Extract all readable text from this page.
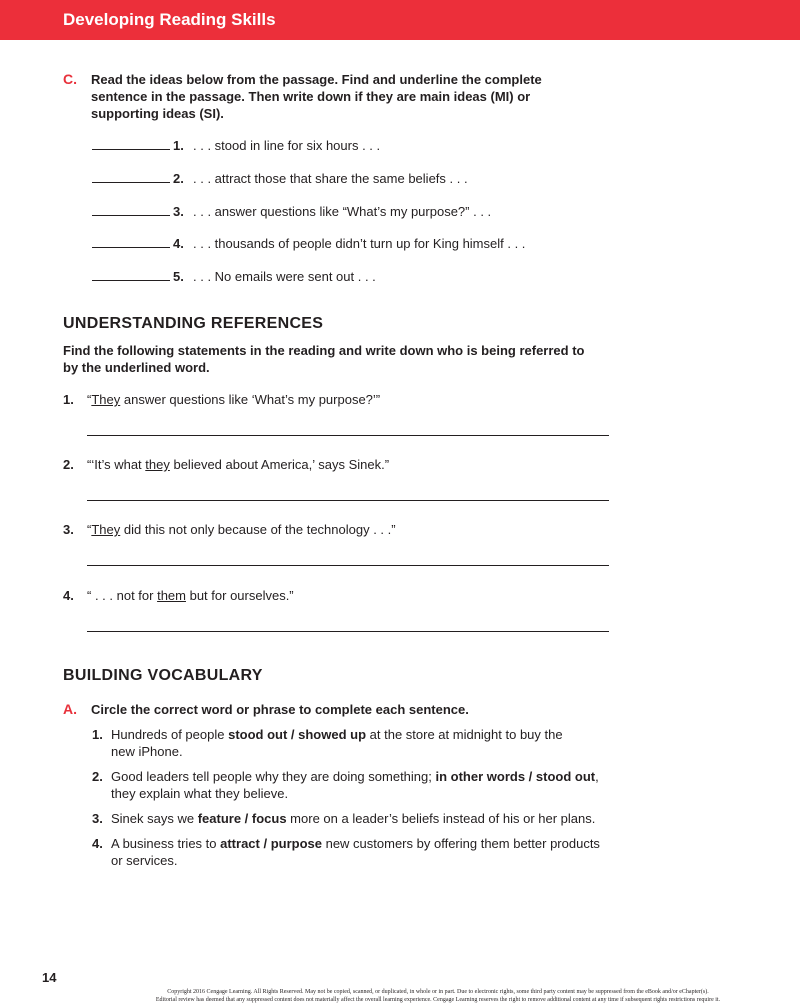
Developing Reading Skills
C. Read the ideas below from the passage. Find and underline the complete
sentence in the passage. Then write down if they are main ideas (MI) or
supporting ideas (SI).
1. . . . stood in line for six hours . . .
2. . . . attract those that share the same beliefs . . .
3. . . . answer questions like “What’s my purpose?” . . .
4. . . . thousands of people didn’t turn up for King himself . . .
5. . . . No emails were sent out . . .
UNDERSTANDING REFERENCES
Find the following statements in the reading and write down who is being referred to
by the underlined word.
1. “They answer questions like ‘What’s my purpose?’”
2. “‘It’s what they believed about America,’ says Sinek.”
3. “They did this not only because of the technology . . .”
4. “ . . . not for them but for ourselves.”
BUILDING VOCABULARY
A. Circle the correct word or phrase to complete each sentence.
1. Hundreds of people stood out / showed up at the store at midnight to buy the
new iPhone.
2. Good leaders tell people why they are doing something; in other words / stood out,
they explain what they believe.
3. Sinek says we feature / focus more on a leader’s beliefs instead of his or her plans.
4. A business tries to attract / purpose new customers by offering them better products
or services.
14
Copyright 2016 Cengage Learning. All Rights Reserved. May not be copied, scanned, or duplicated, in whole or in part. Due to electronic rights, some third party content may be suppressed from the eBook and/or eChapter(s).
Editorial review has deemed that any suppressed content does not materially affect the overall learning experience. Cengage Learning reserves the right to remove additional content at any time if subsequent rights restrictions require it.
